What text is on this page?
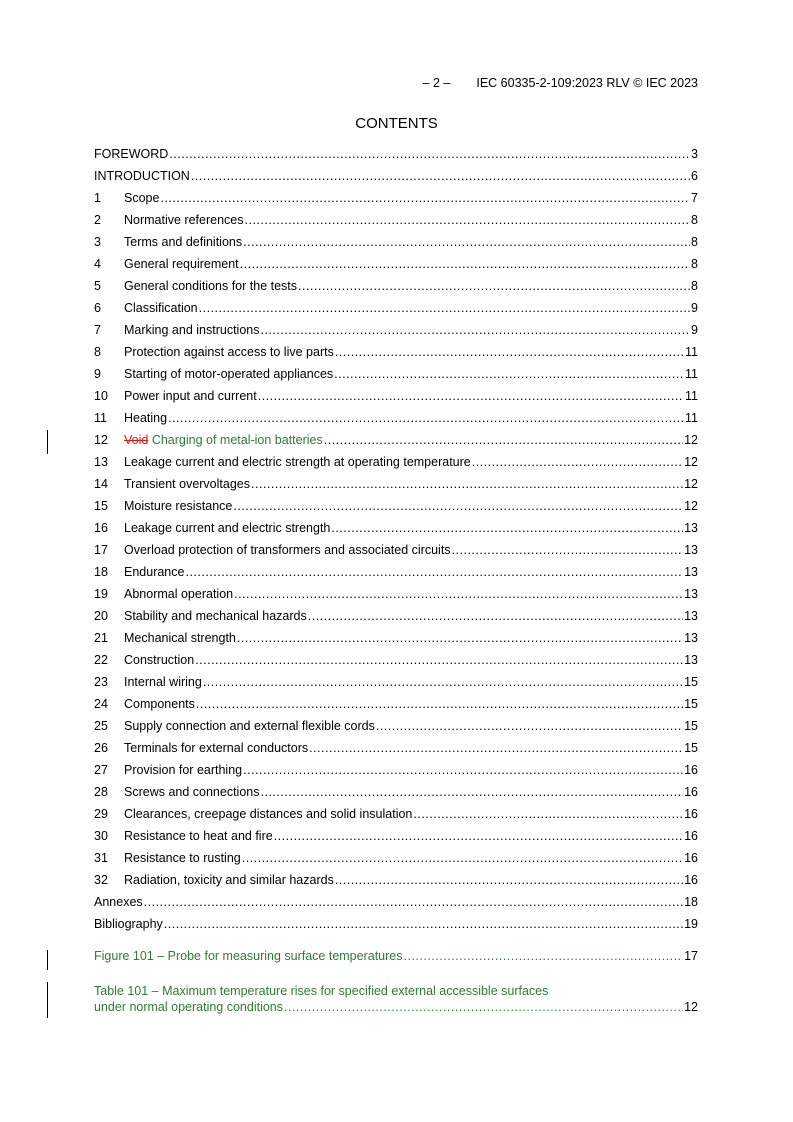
– 2 – IEC 60335-2-109:2023 RLV © IEC 2023
CONTENTS
FOREWORD .....	3
INTRODUCTION .....	6
1	Scope .....	7
2	Normative references .....	8
3	Terms and definitions .....	8
4	General requirement .....	8
5	General conditions for the tests .....	8
6	Classification .....	9
7	Marking and instructions .....	9
8	Protection against access to live parts .....	11
9	Starting of motor-operated appliances .....	11
10	Power input and current .....	11
11	Heating .....	11
12	Void Charging of metal-ion batteries .....	12
13	Leakage current and electric strength at operating temperature .....	12
14	Transient overvoltages .....	12
15	Moisture resistance .....	12
16	Leakage current and electric strength .....	13
17	Overload protection of transformers and associated circuits .....	13
18	Endurance .....	13
19	Abnormal operation .....	13
20	Stability and mechanical hazards .....	13
21	Mechanical strength .....	13
22	Construction .....	13
23	Internal wiring .....	15
24	Components .....	15
25	Supply connection and external flexible cords .....	15
26	Terminals for external conductors .....	15
27	Provision for earthing .....	16
28	Screws and connections .....	16
29	Clearances, creepage distances and solid insulation .....	16
30	Resistance to heat and fire .....	16
31	Resistance to rusting .....	16
32	Radiation, toxicity and similar hazards .....	16
Annexes .....	18
Bibliography .....	19
Figure 101 – Probe for measuring surface temperatures .....	17
Table 101 – Maximum temperature rises for specified external accessible surfaces
under normal operating conditions .....	12
